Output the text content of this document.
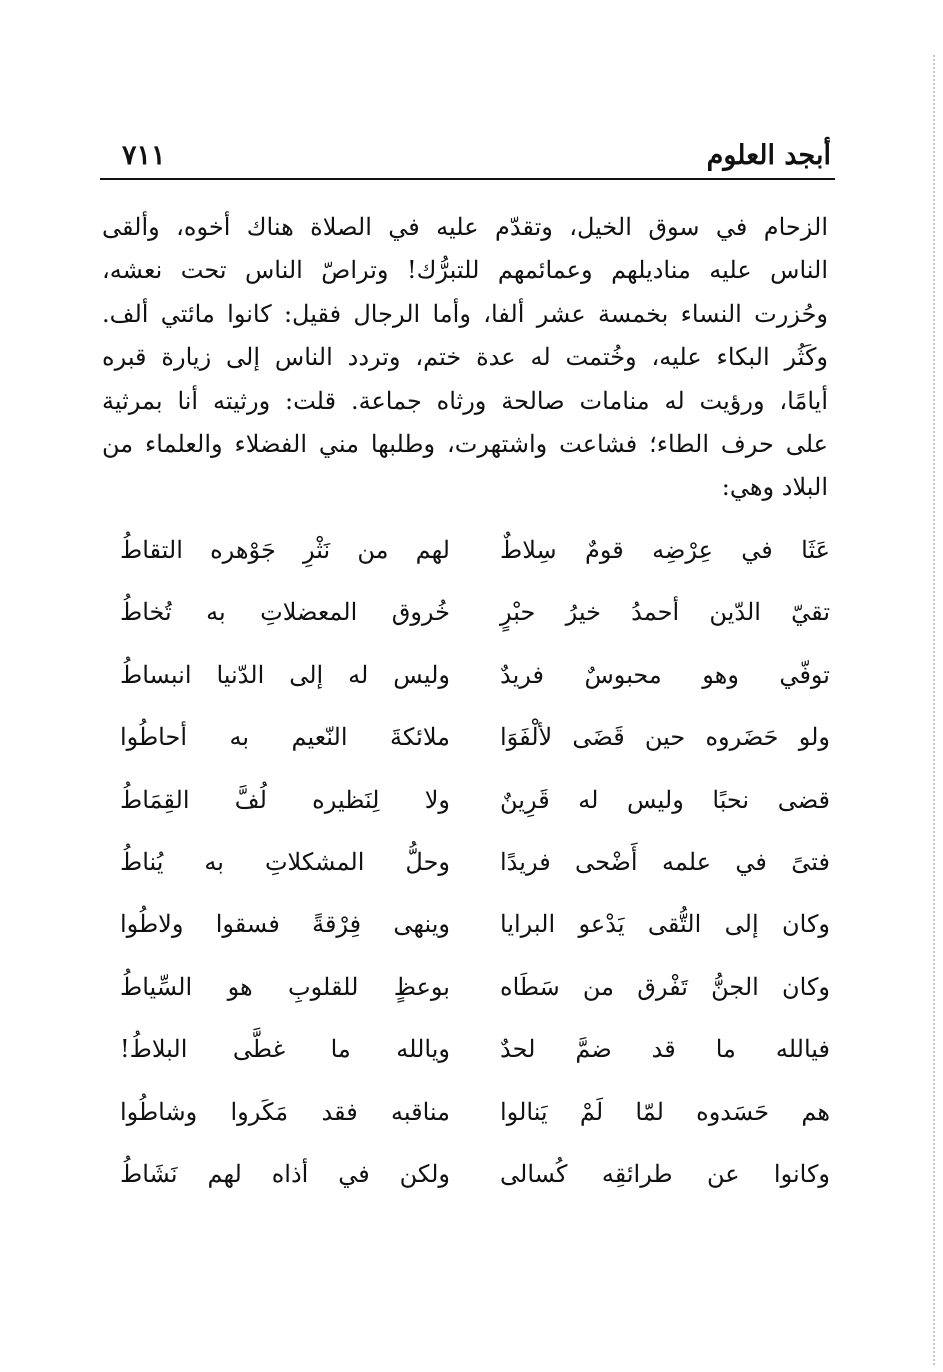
أبجد العلوم
٧١١
الزحام في سوق الخيل، وتقدّم عليه في الصلاة هناك أخوه، وألقى
الناس عليه مناديلهم وعمائمهم للتبرُّك! وتراصّ الناس تحت نعشه،
وحُزرت النساء بخمسة عشر ألفا، وأما الرجال فقيل: كانوا مائتي ألف.
وكَثُر البكاء عليه، وخُتمت له عدة ختم، وتردد الناس إلى زيارة قبره
أيامًا، ورؤيت له منامات صالحة ورثاه جماعة. قلت: ورثيته أنا بمرثية
على حرف الطاء؛ فشاعت واشتهرت، وطلبها مني الفضلاء والعلماء من
البلاد وهي:
عَثَا في عِرْضِه قومٌ سِلاطٌ
لهم من نَثْرِ جَوْهره التقاطُ
تقيّ الدّين أحمدُ خيرُ حبْرٍ
خُروق المعضلاتِ به تُخاطُ
توفّي وهو محبوسٌ فريدٌ
وليس له إلى الدّنيا انبساطُ
ولو حَضَروه حين قَضَى لألْفَوَا
ملائكةَ النّعيم به أحاطُوا
قضى نحبًا وليس له قَرِينٌ
ولا لِنَظيره لُفَّ القِمَاطُ
فتىً في علمه أَضْحى فريدًا
وحلُّ المشكلاتِ به يُناطُ
وكان إلى التُّقى يَدْعو البرايا
وينهى فِرْقةً فسقوا ولاطُوا
وكان الجنُّ تَفْرق من سَطَاه
بوعظٍ للقلوبِ هو السِّياطُ
فيالله ما قد ضمَّ لحدٌ
ويالله ما غطَّى البلاطُ!
هم حَسَدوه لمّا لَمْ يَنالوا
مناقبه فقد مَكَروا وشاطُوا
وكانوا عن طرائقِه كُسالى
ولكن في أذاه لهم نَشَاطُ
